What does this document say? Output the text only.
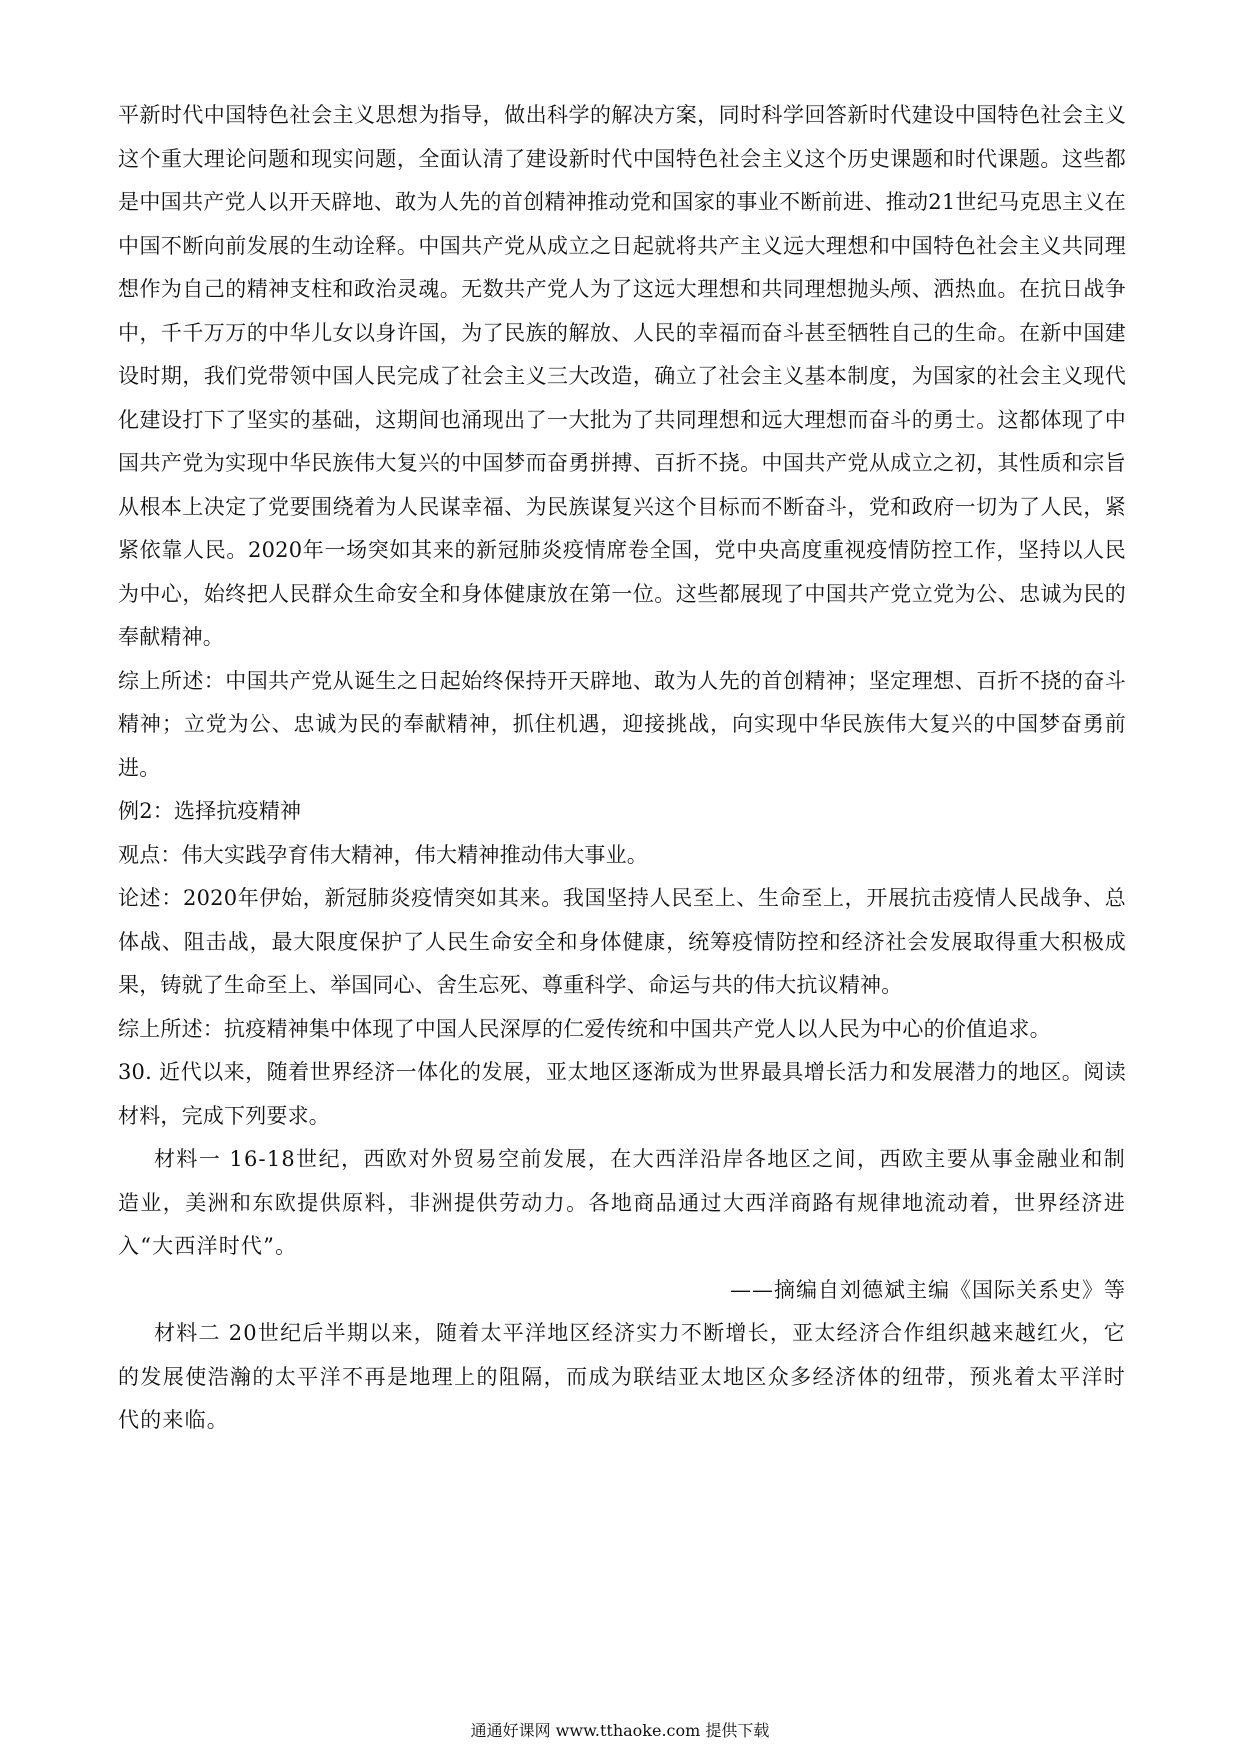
平新时代中国特色社会主义思想为指导，做出科学的解决方案，同时科学回答新时代建设中国特色社会主义这个重大理论问题和现实问题，全面认清了建设新时代中国特色社会主义这个历史课题和时代课题。这些都是中国共产党人以开天辟地、敢为人先的首创精神推动党和国家的事业不断前进、推动21世纪马克思主义在中国不断向前发展的生动诠释。中国共产党从成立之日起就将共产主义远大理想和中国特色社会主义共同理想作为自己的精神支柱和政治灵魂。无数共产党人为了这远大理想和共同理想抛头颅、洒热血。在抗日战争中，千千万万的中华儿女以身许国，为了民族的解放、人民的幸福而奋斗甚至牺牲自己的生命。在新中国建设时期，我们党带领中国人民完成了社会主义三大改造，确立了社会主义基本制度，为国家的社会主义现代化建设打下了坚实的基础，这期间也涌现出了一大批为了共同理想和远大理想而奋斗的勇士。这都体现了中国共产党为实现中华民族伟大复兴的中国梦而奋勇拼搏、百折不挠。中国共产党从成立之初，其性质和宗旨从根本上决定了党要围绕着为人民谋幸福、为民族谋复兴这个目标而不断奋斗，党和政府一切为了人民，紧紧依靠人民。2020年一场突如其来的新冠肺炎疫情席卷全国，党中央高度重视疫情防控工作，坚持以人民为中心，始终把人民群众生命安全和身体健康放在第一位。这些都展现了中国共产党立党为公、忠诚为民的奉献精神。

综上所述：中国共产党从诞生之日起始终保持开天辟地、敢为人先的首创精神；坚定理想、百折不挠的奋斗精神；立党为公、忠诚为民的奉献精神，抓住机遇，迎接挑战，向实现中华民族伟大复兴的中国梦奋勇前进。

例2：选择抗疫精神

观点：伟大实践孕育伟大精神，伟大精神推动伟大事业。

论述：2020年伊始，新冠肺炎疫情突如其来。我国坚持人民至上、生命至上，开展抗击疫情人民战争、总体战、阻击战，最大限度保护了人民生命安全和身体健康，统筹疫情防控和经济社会发展取得重大积极成果，铸就了生命至上、举国同心、舍生忘死、尊重科学、命运与共的伟大抗议精神。

综上所述：抗疫精神集中体现了中国人民深厚的仁爱传统和中国共产党人以人民为中心的价值追求。

30. 近代以来，随着世界经济一体化的发展，亚太地区逐渐成为世界最具增长活力和发展潜力的地区。阅读材料，完成下列要求。

材料一 16-18世纪，西欧对外贸易空前发展，在大西洋沿岸各地区之间，西欧主要从事金融业和制造业，美洲和东欧提供原料，非洲提供劳动力。各地商品通过大西洋商路有规律地流动着，世界经济进入“大西洋时代”。

——摘编自刘德斌主编《国际关系史》等

材料二 20世纪后半期以来，随着太平洋地区经济实力不断增长，亚太经济合作组织越来越红火，它的发展使浩瀚的太平洋不再是地理上的阻隔，而成为联结亚太地区众多经济体的纽带，预兆着太平洋时代的来临。

通通好课网 www.tthaoke.com 提供下载
